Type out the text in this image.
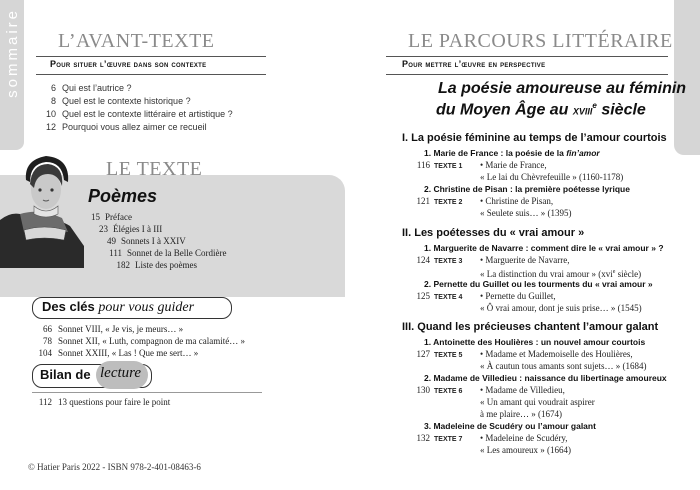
sommaire L’AVANT-TEXTE
Pour situer l’œuvre dans son contexte
6 Qui est l’autrice ?
8 Quel est le contexte historique ?
10 Quel est le contexte littéraire et artistique ?
12 Pourquoi vous allez aimer ce recueil
LE TEXTE
Poèmes
15 Préface
23 Élégies I à III
49 Sonnets I à XXIV
111 Sonnet de la Belle Cordière
182 Liste des poèmes
Des clés pour vous guider
66 Sonnet VIII, « Je vis, je meurs… »
78 Sonnet XII, « Luth, compagnon de ma calamité… »
104 Sonnet XXIII, « Las ! Que me sert… »
Bilan de lecture
112 13 questions pour faire le point
© Hatier Paris 2022 - ISBN 978-2-401-08463-6
LE PARCOURS LITTÉRAIRE
Pour mettre l’œuvre en perspective
La poésie amoureuse au féminin
du Moyen Âge au xviii$^e$ siècle
I. La poésie féminine au temps de l’amour courtois
1. Marie de France : la poésie de la fin’amor
116 TEXTE 1 • Marie de France,
« Le lai du Chèvrefeuille » (1160-1178)
2. Christine de Pisan : la première poétesse lyrique
121 TEXTE 2 • Christine de Pisan,
« Seulete suis… » (1395)
II. Les poétesses du « vrai amour »
1. Marguerite de Navarre : comment dire le « vrai amour » ?
124 TEXTE 3 • Marguerite de Navarre,
« La distinction du vrai amour » (xvi$^e$ siècle)
2. Pernette du Guillet ou les tourments du « vrai amour »
125 TEXTE 4 • Pernette du Guillet,
« Ô vrai amour, dont je suis prise… » (1545)
III. Quand les précieuses chantent l’amour galant
1. Antoinette des Houlières : un nouvel amour courtois
127 TEXTE 5 • Madame et Mademoiselle des Houlières,
« À cautun tous amants sont sujets… » (1684)
2. Madame de Villedieu : naissance du libertinage amoureux
130 TEXTE 6 • Madame de Villedieu,
« Un amant qui voudrait aspirer
à me plaire… » (1674)
3. Madeleine de Scudéry ou l’amour galant
132 TEXTE 7 • Madeleine de Scudéry,
« Les amoureux » (1664)
